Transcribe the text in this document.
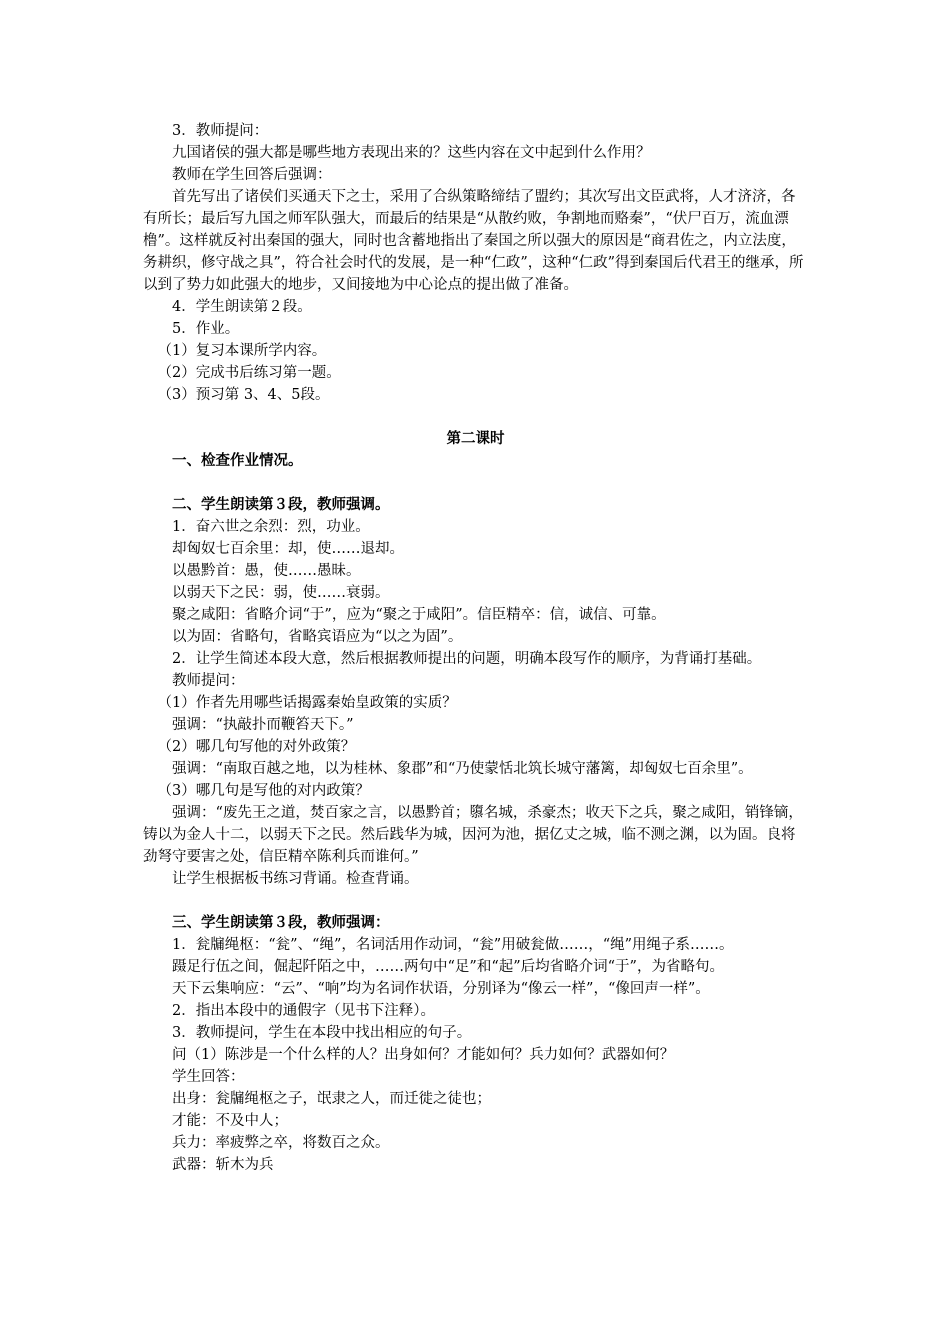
3．教师提问：

九国诸侯的强大都是哪些地方表现出来的？这些内容在文中起到什么作用？

教师在学生回答后强调：

首先写出了诸侯们买通天下之士，采用了合纵策略缔结了盟约；其次写出文臣武将，人才济济，各有所长；最后写九国之师军队强大，而最后的结果是“从散约败，争割地而赂秦”，“伏尸百万，流血漂橹”。这样就反衬出秦国的强大，同时也含蓄地指出了秦国之所以强大的原因是“商君佐之，内立法度，务耕织，修守战之具”，符合社会时代的发展，是一种“仁政”，这种“仁政”得到秦国后代君王的继承，所以到了势力如此强大的地步，又间接地为中心论点的提出做了准备。

4．学生朗读第２段。

5．作业。

（1）复习本课所学内容。

（2）完成书后练习第一题。

（3）预习第 3、4、5段。

第二课时

一、检查作业情况。

二、学生朗读第３段，教师强调。

1．奋六世之余烈：烈，功业。

却匈奴七百余里：却，使……退却。

以愚黔首：愚，使……愚昧。

以弱天下之民：弱，使……衰弱。

聚之咸阳：省略介词“于”，应为“聚之于咸阳”。信臣精卒：信，诚信、可靠。

以为固：省略句，省略宾语应为“以之为固”。

2．让学生简述本段大意，然后根据教师提出的问题，明确本段写作的顺序，为背诵打基础。

教师提问：

（1）作者先用哪些话揭露秦始皇政策的实质？

强调：“执敲扑而鞭笞天下。”

（2）哪几句写他的对外政策？

强调：“南取百越之地，以为桂林、象郡”和“乃使蒙恬北筑长城守藩篱，却匈奴七百余里”。

（3）哪几句是写他的对内政策？

强调：“废先王之道，焚百家之言，以愚黔首；隳名城，杀豪杰；收天下之兵，聚之咸阳，销锋镝，铸以为金人十二，以弱天下之民。然后践华为城，因河为池，据亿丈之城，临不测之渊，以为固。良将劲弩守要害之处，信臣精卒陈利兵而谁何。”

让学生根据板书练习背诵。检查背诵。

三、学生朗读第３段，教师强调：

1．瓮牖绳枢：“瓮”、“绳”，名词活用作动词，“瓮”用破瓮做……，“绳”用绳子系……。

蹑足行伍之间，倔起阡陌之中，……两句中“足”和“起”后均省略介词“于”，为省略句。

天下云集响应：“云”、“响”均为名词作状语，分别译为“像云一样”，“像回声一样”。

2．指出本段中的通假字（见书下注释）。

3．教师提问，学生在本段中找出相应的句子。

问（1）陈涉是一个什么样的人？出身如何？才能如何？兵力如何？武器如何？

学生回答：

出身：瓮牖绳枢之子，氓隶之人，而迁徙之徒也；

才能：不及中人；

兵力：率疲弊之卒，将数百之众。

武器：斩木为兵
